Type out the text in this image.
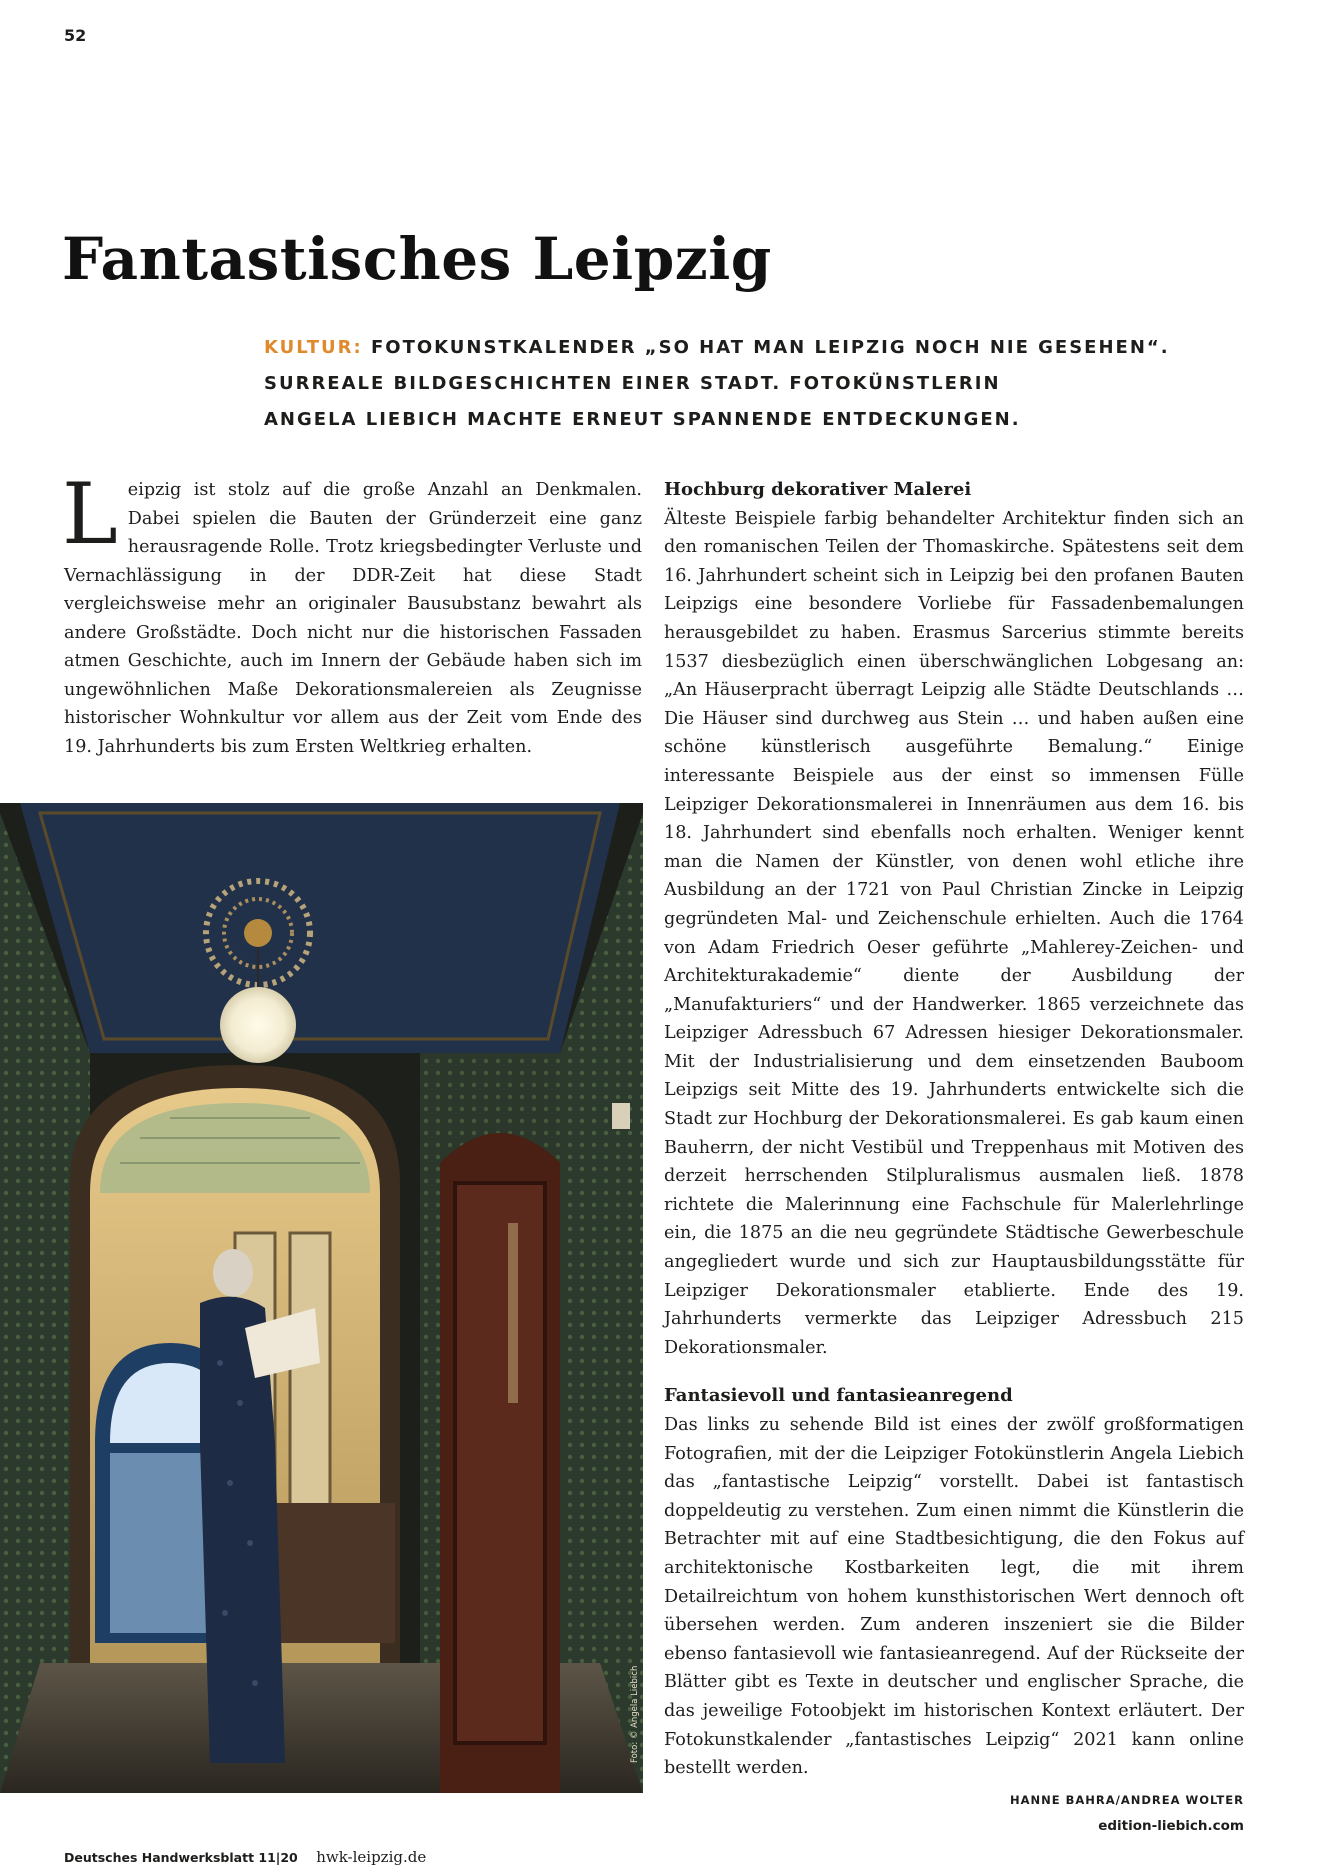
52
Fantastisches Leipzig
KULTUR: FOTOKUNSTKALENDER „SO HAT MAN LEIPZIG NOCH NIE GESEHEN“.
SURREALE BILDGESCHICHTEN EINER STADT. FOTOKÜNSTLERIN
ANGELA LIEBICH MACHTE ERNEUT SPANNENDE ENTDECKUNGEN.
L eipzig ist stolz auf die große Anzahl an Denkmalen. Dabei spielen die Bauten der Gründerzeit eine ganz herausragende Rolle. Trotz kriegsbedingter Verluste und Vernachlässigung in der DDR-Zeit hat diese Stadt vergleichsweise mehr an originaler Bausubstanz bewahrt als andere Großstädte. Doch nicht nur die historischen Fassaden atmen Geschichte, auch im Innern der Gebäude haben sich im ungewöhnlichen Maße Dekorationsmalereien als Zeugnisse historischer Wohnkultur vor allem aus der Zeit vom Ende des 19. Jahrhunderts bis zum Ersten Weltkrieg erhalten.

Foto: © Angela Liebich
Hochburg dekorativer Malerei

Älteste Beispiele farbig behandelter Architektur finden sich an den romanischen Teilen der Thomaskirche. Spätestens seit dem 16. Jahrhundert scheint sich in Leipzig bei den profanen Bauten Leipzigs eine besondere Vorliebe für Fassadenbemalungen herausgebildet zu haben. Erasmus Sarcerius stimmte bereits 1537 diesbezüglich einen überschwänglichen Lobgesang an: „An Häuserpracht überragt Leipzig alle Städte Deutschlands … Die Häuser sind durchweg aus Stein … und haben außen eine schöne künstlerisch ausgeführte Bemalung.“ Einige interessante Beispiele aus der einst so immensen Fülle Leipziger Dekorationsmalerei in Innenräumen aus dem 16. bis 18. Jahrhundert sind ebenfalls noch erhalten. Weniger kennt man die Namen der Künstler, von denen wohl etliche ihre Ausbildung an der 1721 von Paul Christian Zincke in Leipzig gegründeten Mal- und Zeichenschule erhielten. Auch die 1764 von Adam Friedrich Oeser geführte „Mahlerey-Zeichen- und Architekturakademie“ diente der Ausbildung der „Manufakturiers“ und der Handwerker. 1865 verzeichnete das Leipziger Adressbuch 67 Adressen hiesiger Dekorationsmaler. Mit der Industrialisierung und dem einsetzenden Bauboom Leipzigs seit Mitte des 19. Jahrhunderts entwickelte sich die Stadt zur Hochburg der Dekorationsmalerei. Es gab kaum einen Bauherrn, der nicht Vestibül und Treppenhaus mit Motiven des derzeit herrschenden Stilpluralismus ausmalen ließ. 1878 richtete die Malerinnung eine Fachschule für Malerlehrlinge ein, die 1875 an die neu gegründete Städtische Gewerbeschule angegliedert wurde und sich zur Hauptausbildungsstätte für Leipziger Dekorationsmaler etablierte. Ende des 19. Jahrhunderts vermerkte das Leipziger Adressbuch 215 Dekorationsmaler.

Fantasievoll und fantasieanregend

Das links zu sehende Bild ist eines der zwölf großformatigen Fotografien, mit der die Leipziger Fotokünstlerin Angela Liebich das „fantastische Leipzig“ vorstellt. Dabei ist fantastisch doppeldeutig zu verstehen. Zum einen nimmt die Künstlerin die Betrachter mit auf eine Stadtbesichtigung, die den Fokus auf architektonische Kostbarkeiten legt, die mit ihrem Detailreichtum von hohem kunsthistorischen Wert dennoch oft übersehen werden. Zum anderen inszeniert sie die Bilder ebenso fantasievoll wie fantasieanregend. Auf der Rückseite der Blätter gibt es Texte in deutscher und englischer Sprache, die das jeweilige Fotoobjekt im historischen Kontext erläutert. Der Fotokunstkalender „fantastisches Leipzig“ 2021 kann online bestellt werden.

HANNE BAHRA/ANDREA WOLTER
edition-liebich.com
Deutsches Handwerksblatt 11|20 hwk-leipzig.de
